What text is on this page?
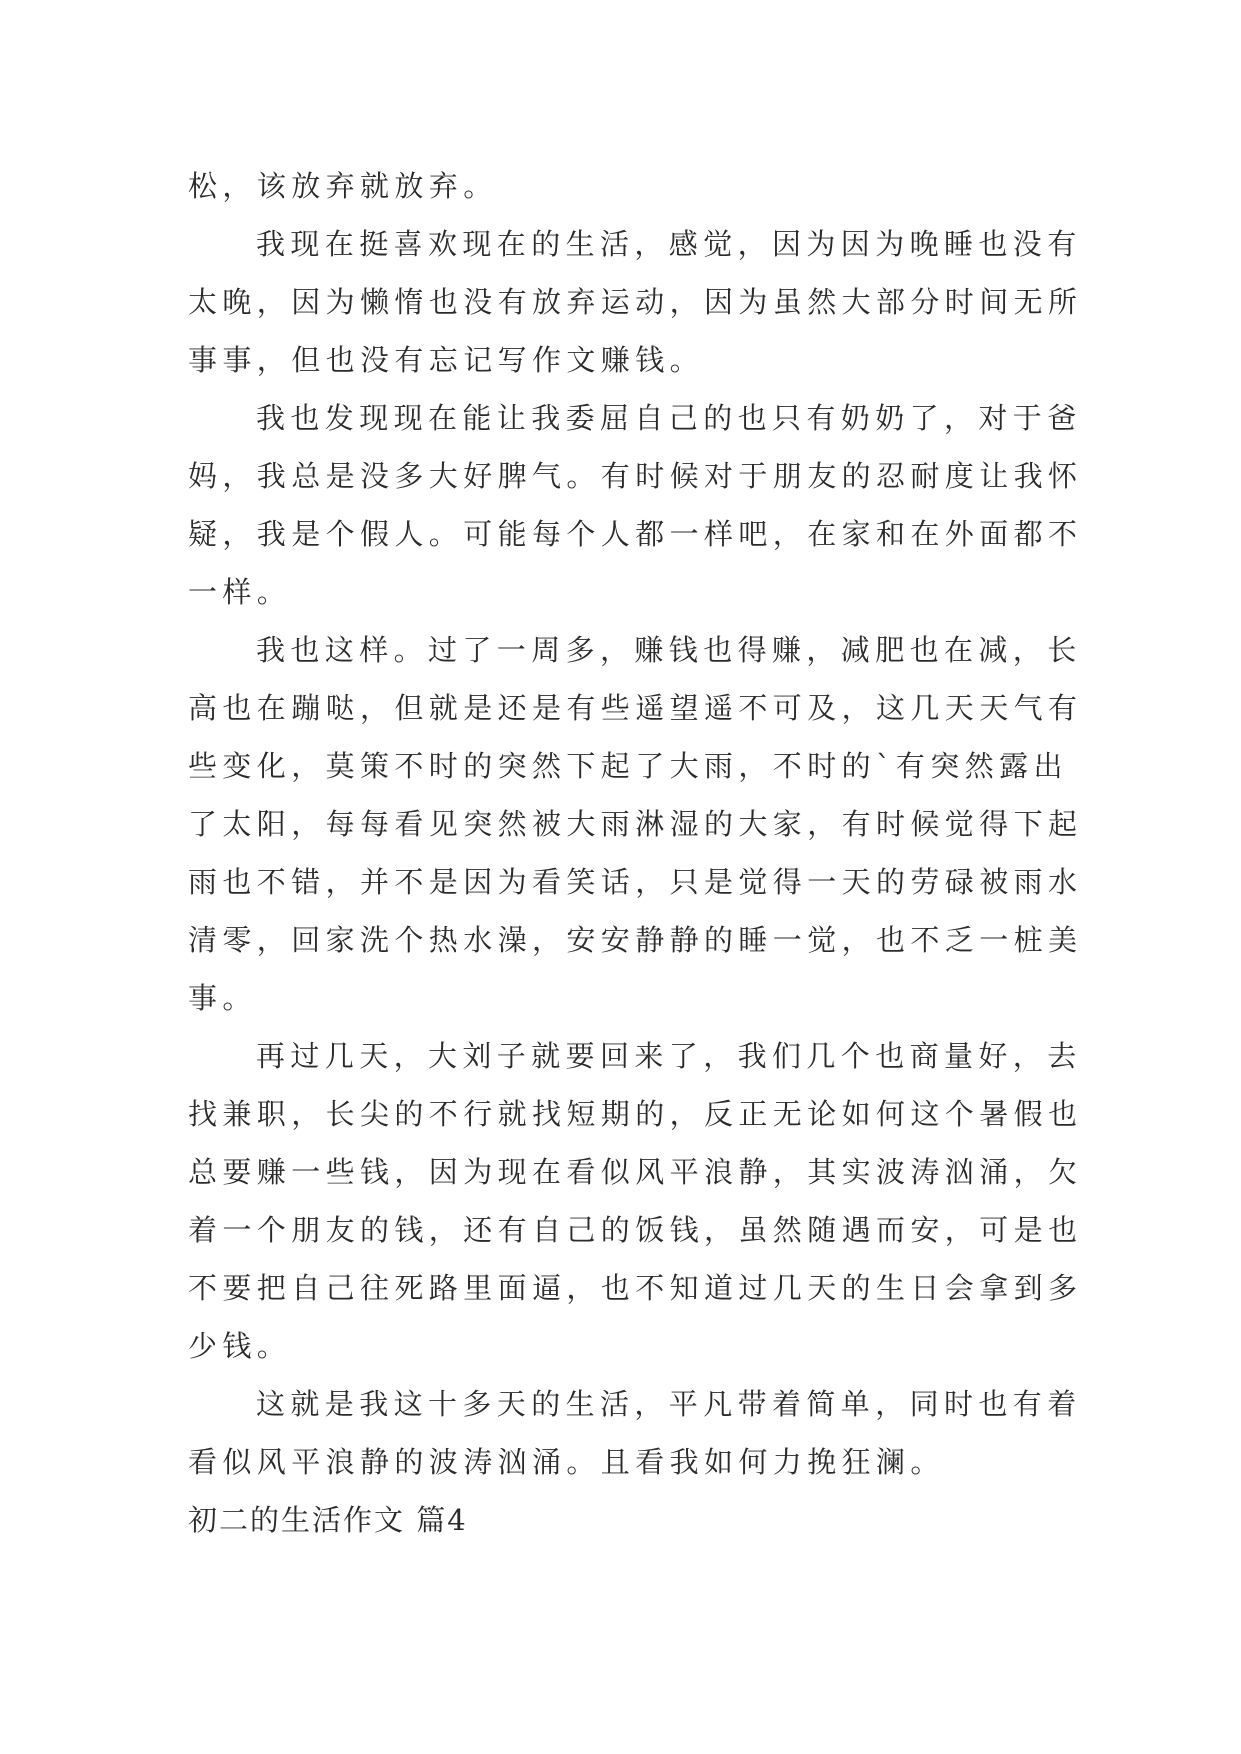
松，该放弃就放弃。
我现在挺喜欢现在的生活，感觉，因为因为晚睡也没有
太晚，因为懒惰也没有放弃运动，因为虽然大部分时间无所
事事，但也没有忘记写作文赚钱。
我也发现现在能让我委屈自己的也只有奶奶了，对于爸
妈，我总是没多大好脾气。有时候对于朋友的忍耐度让我怀
疑，我是个假人。可能每个人都一样吧，在家和在外面都不
一样。
我也这样。过了一周多，赚钱也得赚，减肥也在减，长
高也在蹦哒，但就是还是有些遥望遥不可及，这几天天气有
些变化，莫策不时的突然下起了大雨，不时的`有突然露出
了太阳，每每看见突然被大雨淋湿的大家，有时候觉得下起
雨也不错，并不是因为看笑话，只是觉得一天的劳碌被雨水
清零，回家洗个热水澡，安安静静的睡一觉，也不乏一桩美
事。
再过几天，大刘子就要回来了，我们几个也商量好，去
找兼职，长尖的不行就找短期的，反正无论如何这个暑假也
总要赚一些钱，因为现在看似风平浪静，其实波涛汹涌，欠
着一个朋友的钱，还有自己的饭钱，虽然随遇而安，可是也
不要把自己往死路里面逼，也不知道过几天的生日会拿到多
少钱。
这就是我这十多天的生活，平凡带着简单，同时也有着
看似风平浪静的波涛汹涌。且看我如何力挽狂澜。
初二的生活作文 篇4
